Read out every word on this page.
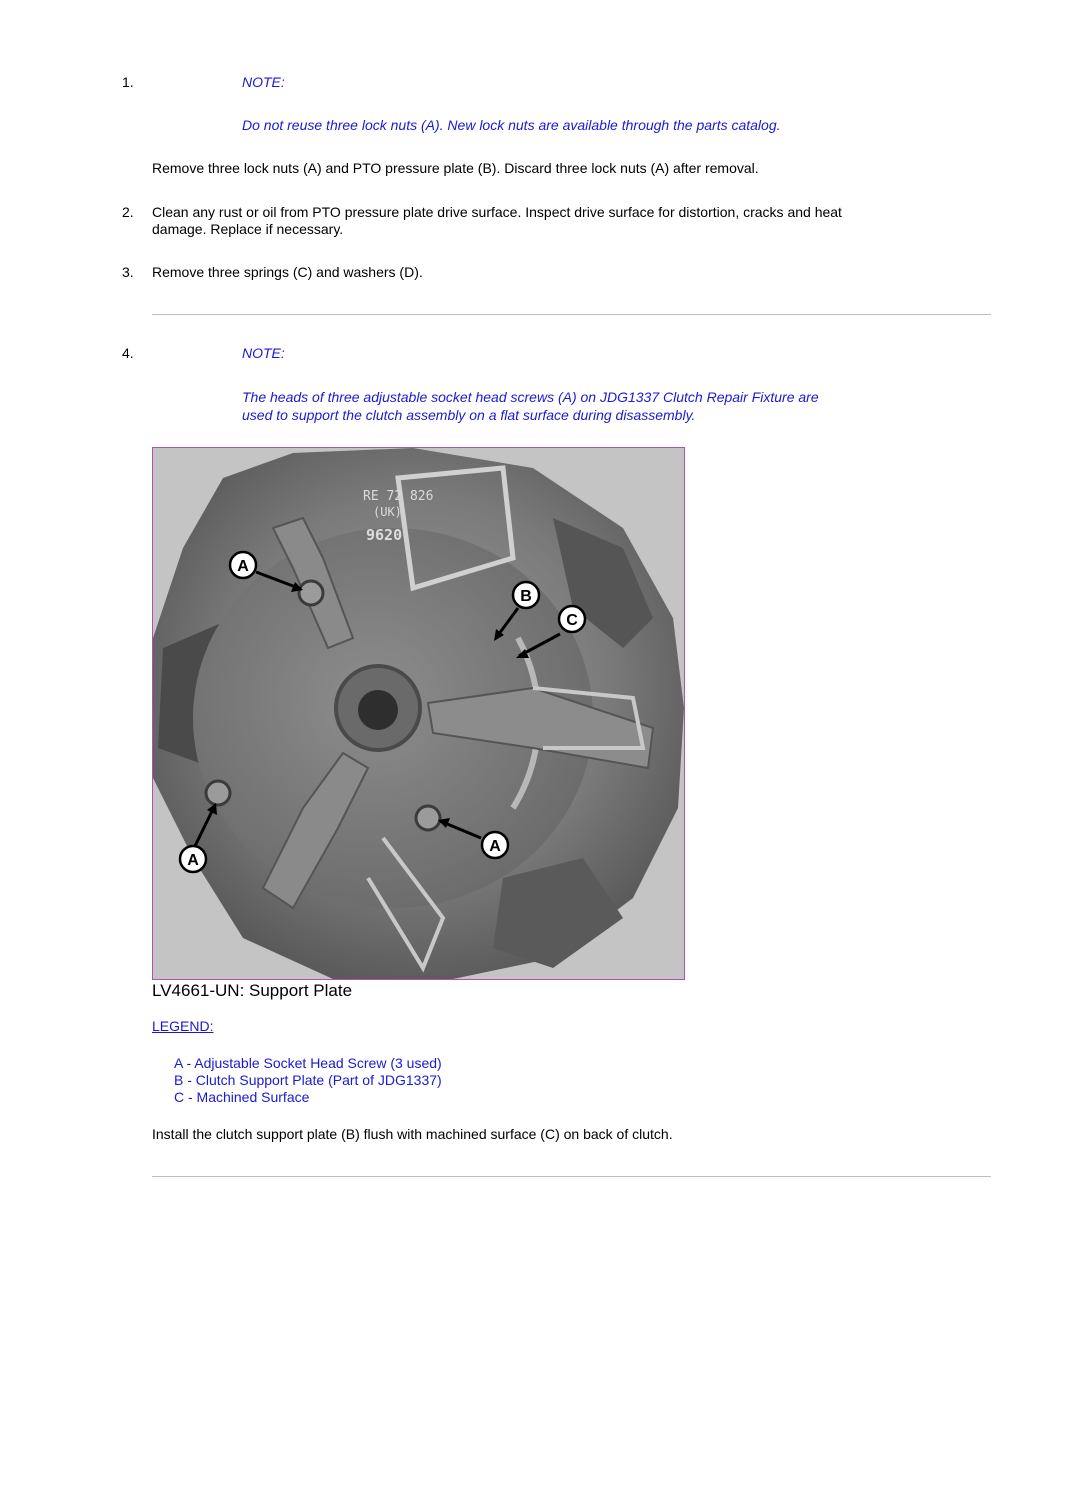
1.	NOTE:
Do not reuse three lock nuts (A). New lock nuts are available through the parts catalog.
Remove three lock nuts (A) and PTO pressure plate (B). Discard three lock nuts (A) after removal.
2. Clean any rust or oil from PTO pressure plate drive surface. Inspect drive surface for distortion, cracks and heat
damage. Replace if necessary.
3. Remove three springs (C) and washers (D).
4.	NOTE:
The heads of three adjustable socket head screws (A) on JDG1337 Clutch Repair Fixture are
used to support the clutch assembly on a flat surface during disassembly.
RE 72 826
(UK)
9620
A
A
A
B
C
LV4661-UN: Support Plate
LEGEND:
A - Adjustable Socket Head Screw (3 used)
B - Clutch Support Plate (Part of JDG1337)
C - Machined Surface
Install the clutch support plate (B) flush with machined surface (C) on back of clutch.
